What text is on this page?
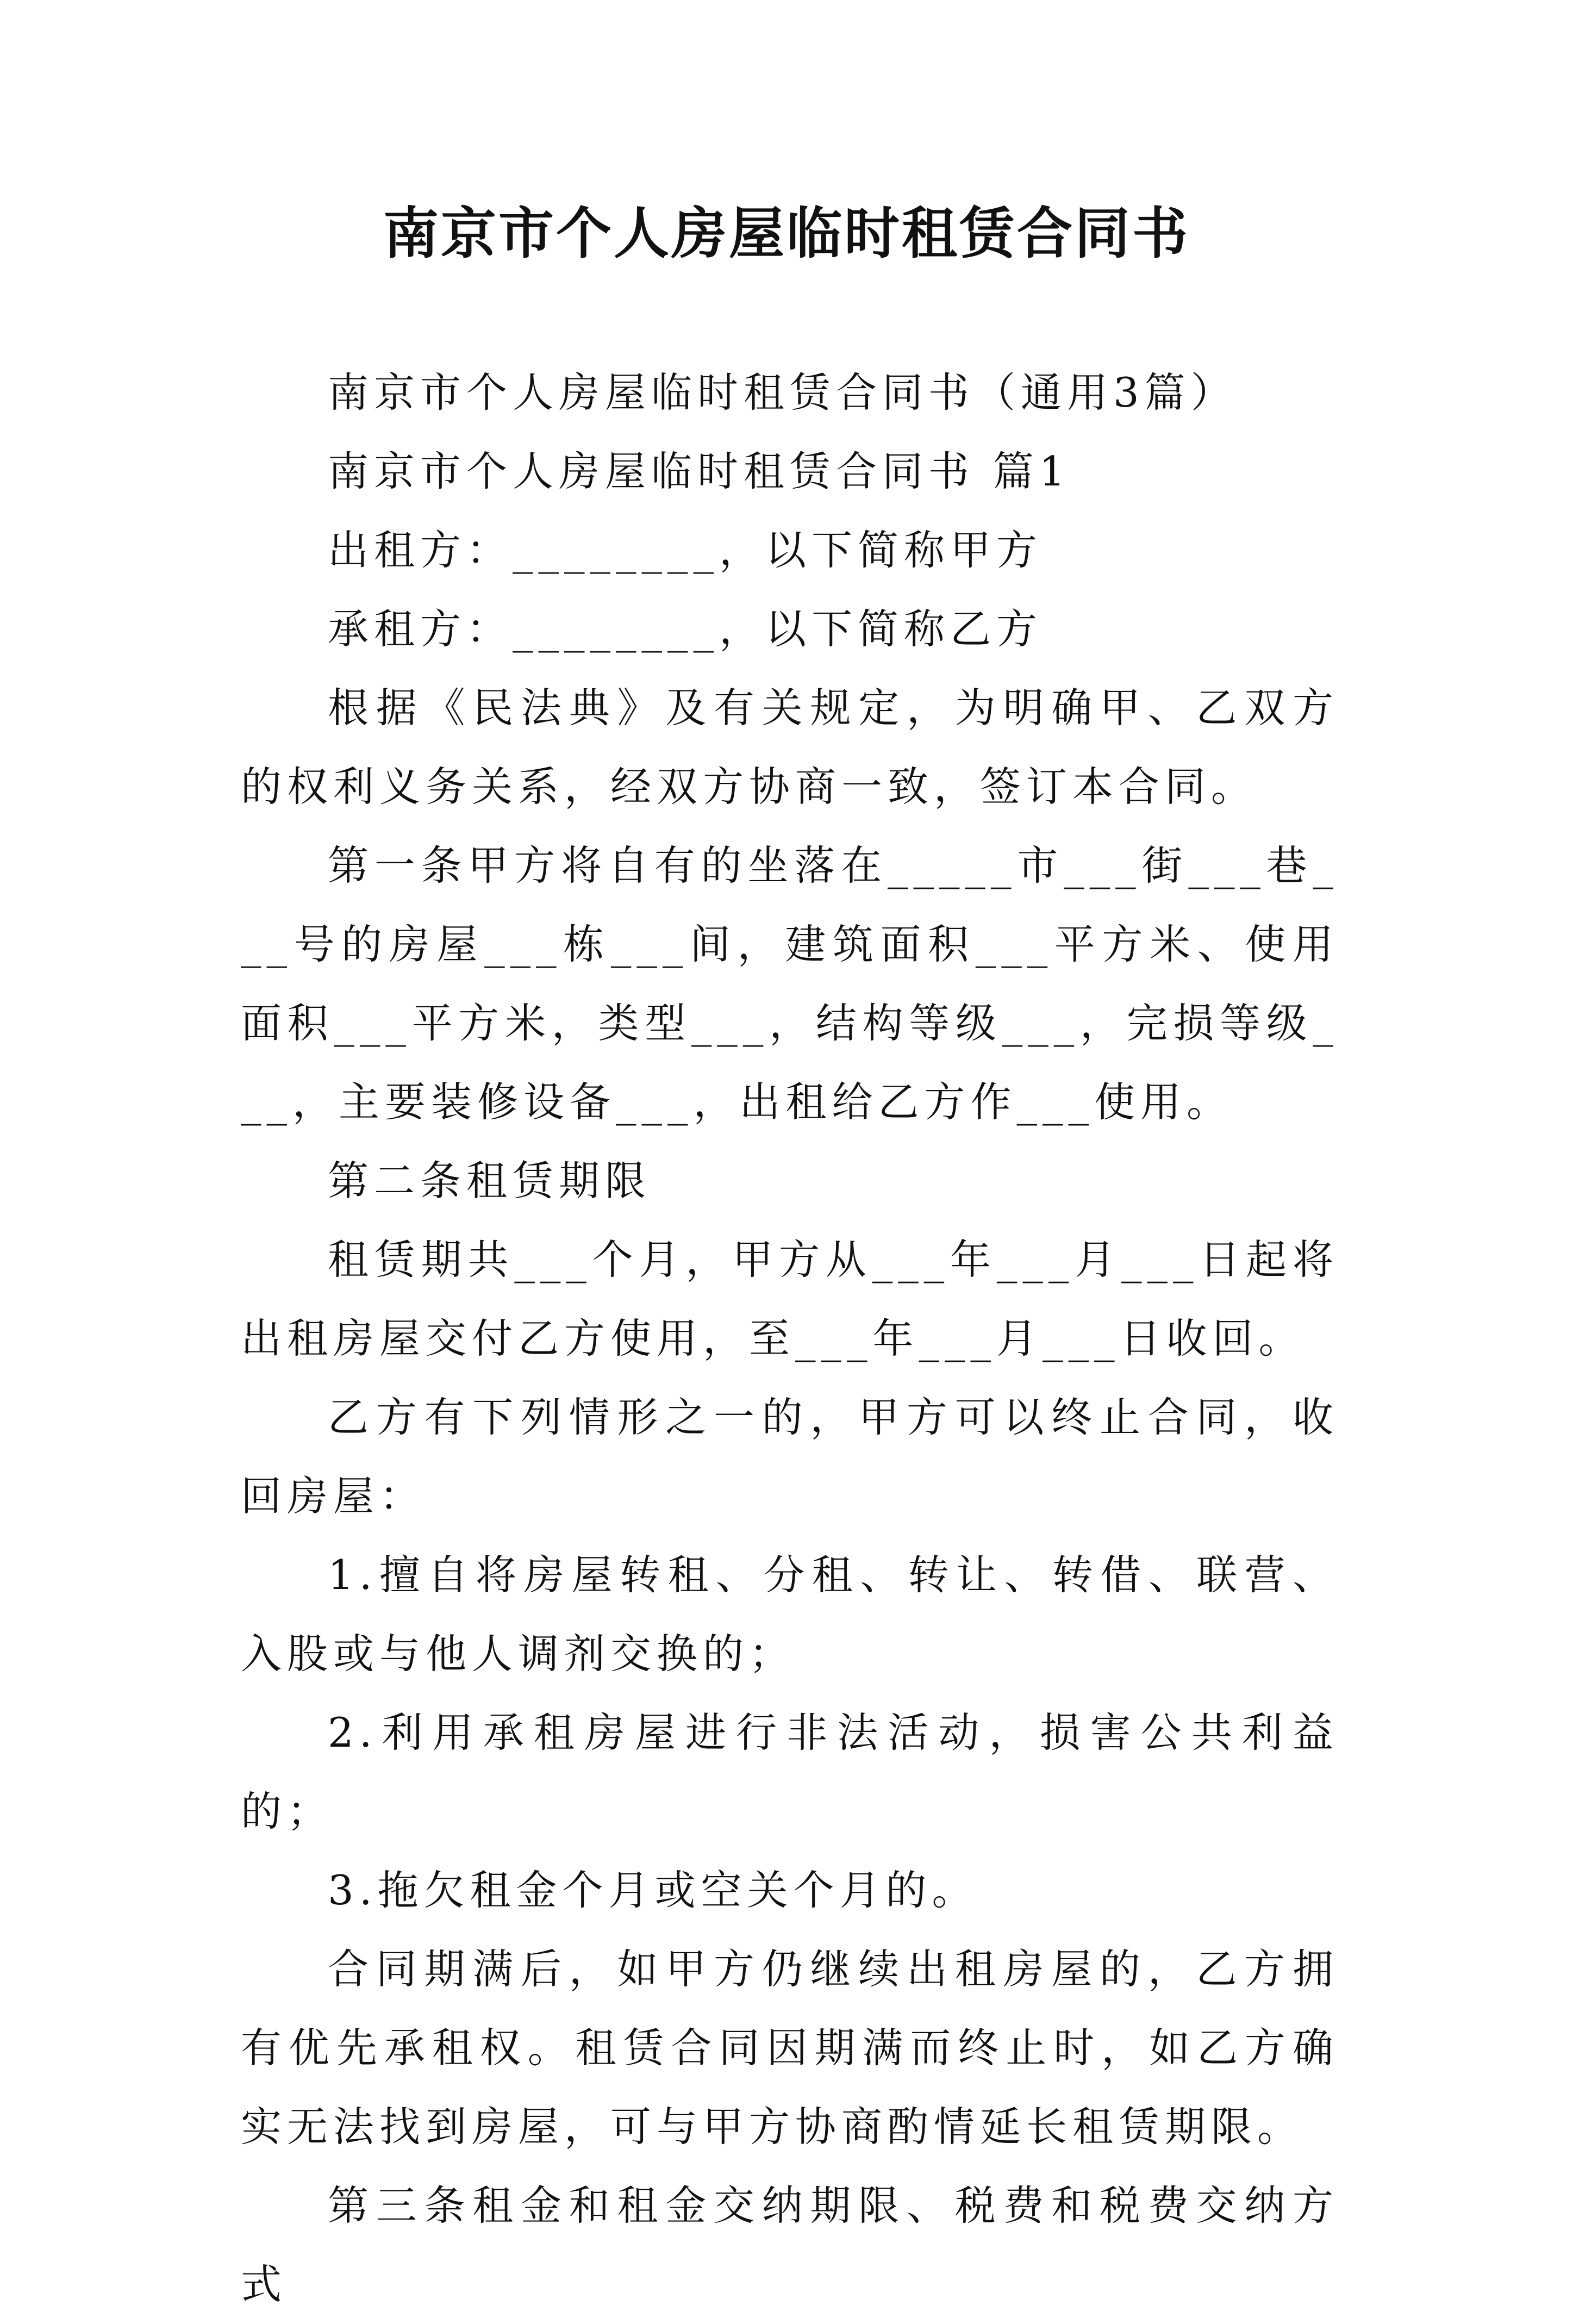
南京市个人房屋临时租赁合同书

南京市个人房屋临时租赁合同书（通用3篇）

南京市个人房屋临时租赁合同书 篇1

出租方：________，以下简称甲方

承租方：________，以下简称乙方

根据《民法典》及有关规定，为明确甲、乙双方的权利义务关系，经双方协商一致，签订本合同。

第一条甲方将自有的坐落在_____市___街___巷___号的房屋___栋___间，建筑面积___平方米、使用面积___平方米，类型___，结构等级___，完损等级___，主要装修设备___，出租给乙方作___使用。

第二条租赁期限

租赁期共___个月，甲方从___年___月___日起将出租房屋交付乙方使用，至___年___月___日收回。

乙方有下列情形之一的，甲方可以终止合同，收回房屋：

1.擅自将房屋转租、分租、转让、转借、联营、入股或与他人调剂交换的；

2.利用承租房屋进行非法活动，损害公共利益的；

3.拖欠租金个月或空关个月的。

合同期满后，如甲方仍继续出租房屋的，乙方拥有优先承租权。租赁合同因期满而终止时，如乙方确实无法找到房屋，可与甲方协商酌情延长租赁期限。

第三条租金和租金交纳期限、税费和税费交纳方式
